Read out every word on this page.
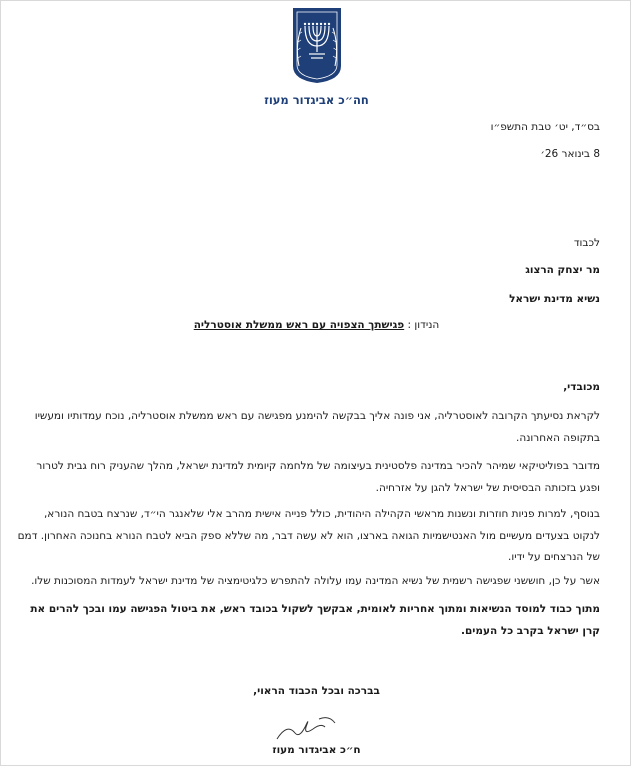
חה״כ אביגדור מעוז
בס״ד, יט׳ טבת התשפ״ו
8 בינואר 26׳
לכבוד
מר יצחק הרצוג
נשיא מדינת ישראל
הנידון : פגישתך הצפויה עם ראש ממשלת אוסטרליה
מכובדי,
לקראת נסיעתך הקרובה לאוסטרליה, אני פונה אליך בבקשה להימנע מפגישה עם ראש ממשלת אוסטרליה, נוכח עמדותיו ומעשיו בתקופה האחרונה.
מדובר בפוליטיקאי שמיהר להכיר במדינה פלסטינית בעיצומה של מלחמה קיומית למדינת ישראל, מהלך שהעניק רוח גבית לטרור ופגע בזכותה הבסיסית של ישראל להגן על אזרחיה.
בנוסף, למרות פניות חוזרות ונשנות מראשי הקהילה היהודית, כולל פנייה אישית מהרב אלי שלאנגר הי״ד, שנרצח בטבח הנורא, לנקוט בצעדים מעשיים מול האנטישמיות הגואה בארצו, הוא לא עשה דבר, מה שללא ספק הביא לטבח הנורא בחנוכה האחרון. דמם של הנרצחים על ידיו.
אשר על כן, חוששני שפגישה רשמית של נשיא המדינה עמו עלולה להתפרש כלגיטימציה של מדינת ישראל לעמדות המסוכנות שלו.
מתוך כבוד למוסד הנשיאות ומתוך אחריות לאומית, אבקשך לשקול בכובד ראש, את ביטול הפגישה עמו ובכך להרים את קרן ישראל בקרב כל העמים.
בברכה ובכל הכבוד הראוי,
ח״כ אביגדור מעוז
